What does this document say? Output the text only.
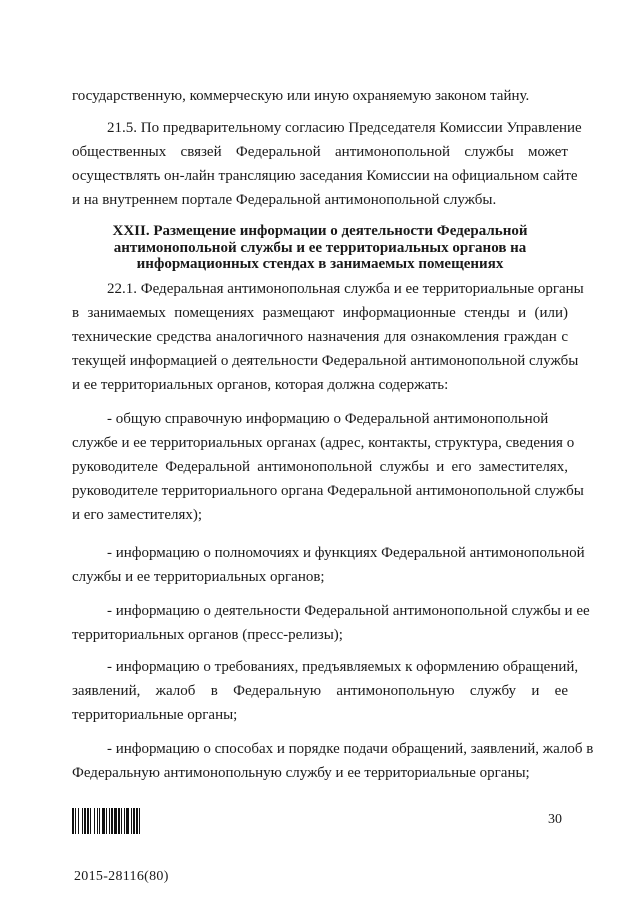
государственную, коммерческую или иную охраняемую законом тайну.
21.5. По предварительному согласию Председателя Комиссии Управление
общественных связей Федеральной антимонопольной службы может
осуществлять он-лайн трансляцию заседания Комиссии на официальном сайте
и на внутреннем портале Федеральной антимонопольной службы.
XXII. Размещение информации о деятельности Федеральной
антимонопольной службы и ее территориальных органов на
информационных стендах в занимаемых помещениях
22.1. Федеральная антимонопольная служба и ее территориальные органы
в занимаемых помещениях размещают информационные стенды и (или)
технические средства аналогичного назначения для ознакомления граждан с
текущей информацией о деятельности Федеральной антимонопольной службы
и ее территориальных органов, которая должна содержать:
- общую справочную информацию о Федеральной антимонопольной
службе и ее территориальных органах (адрес, контакты, структура, сведения о
руководителе Федеральной антимонопольной службы и его заместителях,
руководителе территориального органа Федеральной антимонопольной службы
и его заместителях);
- информацию о полномочиях и функциях Федеральной антимонопольной
службы и ее территориальных органов;
- информацию о деятельности Федеральной антимонопольной службы и ее
территориальных органов (пресс-релизы);
- информацию о требованиях, предъявляемых к оформлению обращений,
заявлений, жалоб в Федеральную антимонопольную службу и ее
территориальные органы;
- информацию о способах и порядке подачи обращений, заявлений, жалоб в
Федеральную антимонопольную службу и ее территориальные органы;
30
2015-28116(80)
